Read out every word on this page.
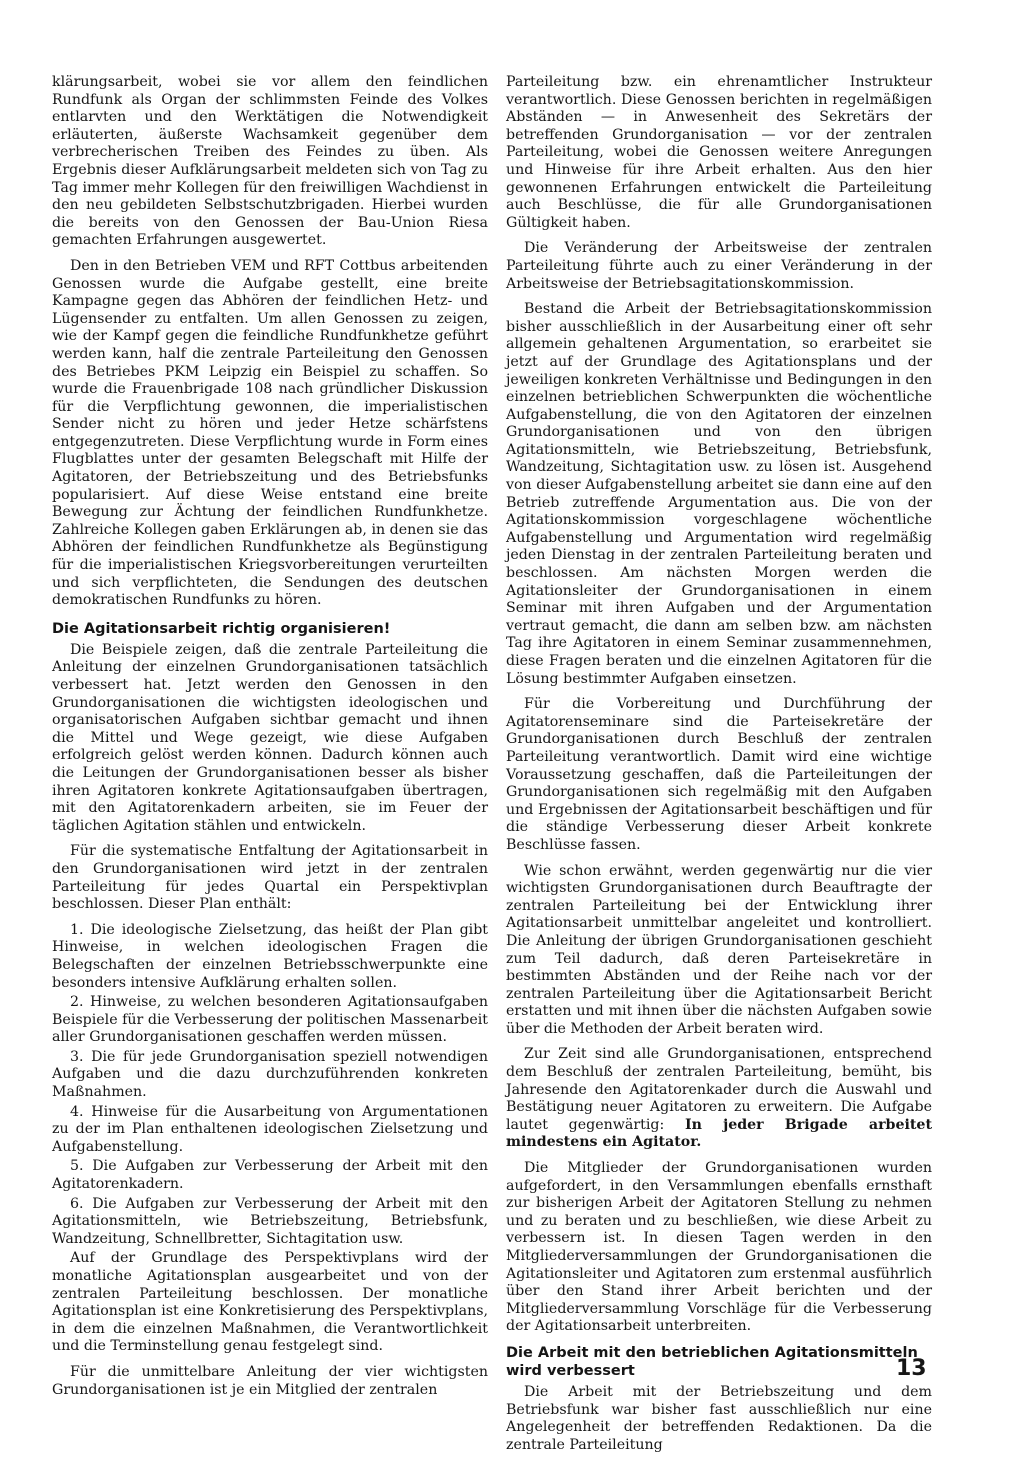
klärungsarbeit, wobei sie vor allem den feindlichen Rundfunk als Organ der schlimmsten Feinde des Volkes entlarvten und den Werktätigen die Notwendigkeit erläuterten, äußerste Wachsamkeit gegenüber dem verbrecherischen Treiben des Feindes zu üben. Als Ergebnis dieser Aufklärungsarbeit meldeten sich von Tag zu Tag immer mehr Kollegen für den freiwilligen Wachdienst in den neu gebildeten Selbstschutzbrigaden. Hierbei wurden die bereits von den Genossen der Bau-Union Riesa gemachten Erfahrungen ausgewertet.

Den in den Betrieben VEM und RFT Cottbus arbeitenden Genossen wurde die Aufgabe gestellt, eine breite Kampagne gegen das Abhören der feindlichen Hetz- und Lügensender zu entfalten. Um allen Genossen zu zeigen, wie der Kampf gegen die feindliche Rundfunkhetze geführt werden kann, half die zentrale Parteileitung den Genossen des Betriebes PKM Leipzig ein Beispiel zu schaffen. So wurde die Frauenbrigade 108 nach gründlicher Diskussion für die Verpflichtung gewonnen, die imperialistischen Sender nicht zu hören und jeder Hetze schärfstens entgegenzutreten. Diese Verpflichtung wurde in Form eines Flugblattes unter der gesamten Belegschaft mit Hilfe der Agitatoren, der Betriebszeitung und des Betriebsfunks popularisiert. Auf diese Weise entstand eine breite Bewegung zur Ächtung der feindlichen Rundfunkhetze. Zahlreiche Kollegen gaben Erklärungen ab, in denen sie das Abhören der feindlichen Rundfunkhetze als Begünstigung für die imperialistischen Kriegsvorbereitungen verurteilten und sich verpflichteten, die Sendungen des deutschen demokratischen Rundfunks zu hören.

Die Agitationsarbeit richtig organisieren!

Die Beispiele zeigen, daß die zentrale Parteileitung die Anleitung der einzelnen Grundorganisationen tatsächlich verbessert hat. Jetzt werden den Genossen in den Grundorganisationen die wichtigsten ideologischen und organisatorischen Aufgaben sichtbar gemacht und ihnen die Mittel und Wege gezeigt, wie diese Aufgaben erfolgreich gelöst werden können. Dadurch können auch die Leitungen der Grundorganisationen besser als bisher ihren Agitatoren konkrete Agitationsaufgaben übertragen, mit den Agitatorenkadern arbeiten, sie im Feuer der täglichen Agitation stählen und entwickeln.

Für die systematische Entfaltung der Agitationsarbeit in den Grundorganisationen wird jetzt in der zentralen Parteileitung für jedes Quartal ein Perspektivplan beschlossen. Dieser Plan enthält:

1. Die ideologische Zielsetzung, das heißt der Plan gibt Hinweise, in welchen ideologischen Fragen die Belegschaften der einzelnen Betriebsschwerpunkte eine besonders intensive Aufklärung erhalten sollen.

2. Hinweise, zu welchen besonderen Agitationsaufgaben Beispiele für die Verbesserung der politischen Massenarbeit aller Grundorganisationen geschaffen werden müssen.

3. Die für jede Grundorganisation speziell notwendigen Aufgaben und die dazu durchzuführenden konkreten Maßnahmen.

4. Hinweise für die Ausarbeitung von Argumentationen zu der im Plan enthaltenen ideologischen Zielsetzung und Aufgabenstellung.

5. Die Aufgaben zur Verbesserung der Arbeit mit den Agitatorenkadern.

6. Die Aufgaben zur Verbesserung der Arbeit mit den Agitationsmitteln, wie Betriebszeitung, Betriebsfunk, Wandzeitung, Schnellbretter, Sichtagitation usw.

Auf der Grundlage des Perspektivplans wird der monatliche Agitationsplan ausgearbeitet und von der zentralen Parteileitung beschlossen. Der monatliche Agitationsplan ist eine Konkretisierung des Perspektivplans, in dem die einzelnen Maßnahmen, die Verantwortlichkeit und die Terminstellung genau festgelegt sind.

Für die unmittelbare Anleitung der vier wichtigsten Grundorganisationen ist je ein Mitglied der zentralen

Parteileitung bzw. ein ehrenamtlicher Instrukteur verantwortlich. Diese Genossen berichten in regelmäßigen Abständen — in Anwesenheit des Sekretärs der betreffenden Grundorganisation — vor der zentralen Parteileitung, wobei die Genossen weitere Anregungen und Hinweise für ihre Arbeit erhalten. Aus den hier gewonnenen Erfahrungen entwickelt die Parteileitung auch Beschlüsse, die für alle Grundorganisationen Gültigkeit haben.

Die Veränderung der Arbeitsweise der zentralen Parteileitung führte auch zu einer Veränderung in der Arbeitsweise der Betriebsagitationskommission.

Bestand die Arbeit der Betriebsagitationskommission bisher ausschließlich in der Ausarbeitung einer oft sehr allgemein gehaltenen Argumentation, so erarbeitet sie jetzt auf der Grundlage des Agitationsplans und der jeweiligen konkreten Verhältnisse und Bedingungen in den einzelnen betrieblichen Schwerpunkten die wöchentliche Aufgabenstellung, die von den Agitatoren der einzelnen Grundorganisationen und von den übrigen Agitationsmitteln, wie Betriebszeitung, Betriebsfunk, Wandzeitung, Sichtagitation usw. zu lösen ist. Ausgehend von dieser Aufgabenstellung arbeitet sie dann eine auf den Betrieb zutreffende Argumentation aus. Die von der Agitationskommission vorgeschlagene wöchentliche Aufgabenstellung und Argumentation wird regelmäßig jeden Dienstag in der zentralen Parteileitung beraten und beschlossen. Am nächsten Morgen werden die Agitationsleiter der Grundorganisationen in einem Seminar mit ihren Aufgaben und der Argumentation vertraut gemacht, die dann am selben bzw. am nächsten Tag ihre Agitatoren in einem Seminar zusammennehmen, diese Fragen beraten und die einzelnen Agitatoren für die Lösung bestimmter Aufgaben einsetzen.

Für die Vorbereitung und Durchführung der Agitatorenseminare sind die Parteisekretäre der Grundorganisationen durch Beschluß der zentralen Parteileitung verantwortlich. Damit wird eine wichtige Voraussetzung geschaffen, daß die Parteileitungen der Grundorganisationen sich regelmäßig mit den Aufgaben und Ergebnissen der Agitationsarbeit beschäftigen und für die ständige Verbesserung dieser Arbeit konkrete Beschlüsse fassen.

Wie schon erwähnt, werden gegenwärtig nur die vier wichtigsten Grundorganisationen durch Beauftragte der zentralen Parteileitung bei der Entwicklung ihrer Agitationsarbeit unmittelbar angeleitet und kontrolliert. Die Anleitung der übrigen Grundorganisationen geschieht zum Teil dadurch, daß deren Parteisekretäre in bestimmten Abständen und der Reihe nach vor der zentralen Parteileitung über die Agitationsarbeit Bericht erstatten und mit ihnen über die nächsten Aufgaben sowie über die Methoden der Arbeit beraten wird.

Zur Zeit sind alle Grundorganisationen, entsprechend dem Beschluß der zentralen Parteileitung, bemüht, bis Jahresende den Agitatorenkader durch die Auswahl und Bestätigung neuer Agitatoren zu erweitern. Die Aufgabe lautet gegenwärtig: In jeder Brigade arbeitet mindestens ein Agitator.

Die Mitglieder der Grundorganisationen wurden aufgefordert, in den Versammlungen ebenfalls ernsthaft zur bisherigen Arbeit der Agitatoren Stellung zu nehmen und zu beraten und zu beschließen, wie diese Arbeit zu verbessern ist. In diesen Tagen werden in den Mitgliederversammlungen der Grundorganisationen die Agitationsleiter und Agitatoren zum erstenmal ausführlich über den Stand ihrer Arbeit berichten und der Mitgliederversammlung Vorschläge für die Verbesserung der Agitationsarbeit unterbreiten.

Die Arbeit mit den betrieblichen Agitationsmitteln wird verbessert

Die Arbeit mit der Betriebszeitung und dem Betriebsfunk war bisher fast ausschließlich nur eine Angelegenheit der betreffenden Redaktionen. Da die zentrale Parteileitung

13
